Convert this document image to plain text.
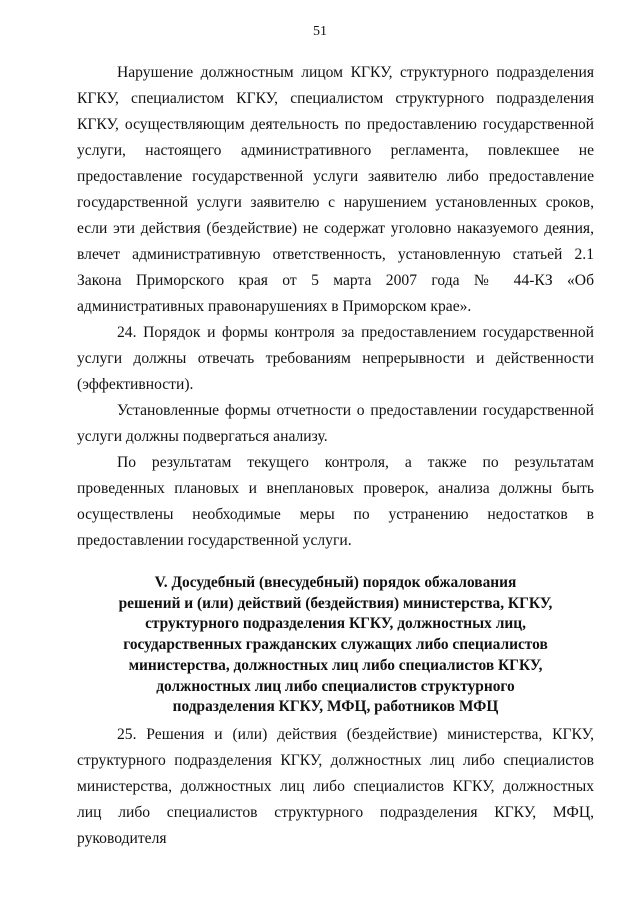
51

Нарушение должностным лицом КГКУ, структурного подразделения КГКУ, специалистом КГКУ, специалистом структурного подразделения КГКУ, осуществляющим деятельность по предоставлению государственной услуги, настоящего административного регламента, повлекшее не предоставление государственной услуги заявителю либо предоставление государственной услуги заявителю с нарушением установленных сроков, если эти действия (бездействие) не содержат уголовно наказуемого деяния, влечет административную ответственность, установленную статьей 2.1 Закона Приморского края от 5 марта 2007 года № 44-КЗ «Об административных правонарушениях в Приморском крае».

24. Порядок и формы контроля за предоставлением государственной услуги должны отвечать требованиям непрерывности и действенности (эффективности).

Установленные формы отчетности о предоставлении государственной услуги должны подвергаться анализу.

По результатам текущего контроля, а также по результатам проведенных плановых и внеплановых проверок, анализа должны быть осуществлены необходимые меры по устранению недостатков в предоставлении государственной услуги.

V. Досудебный (внесудебный) порядок обжалования
решений и (или) действий (бездействия) министерства, КГКУ,
структурного подразделения КГКУ, должностных лиц,
государственных гражданских служащих либо специалистов
министерства, должностных лиц либо специалистов КГКУ,
должностных лиц либо специалистов структурного
подразделения КГКУ, МФЦ, работников МФЦ

25. Решения и (или) действия (бездействие) министерства, КГКУ, структурного подразделения КГКУ, должностных лиц либо специалистов министерства, должностных лиц либо специалистов КГКУ, должностных лиц либо специалистов структурного подразделения КГКУ, МФЦ, руководителя
